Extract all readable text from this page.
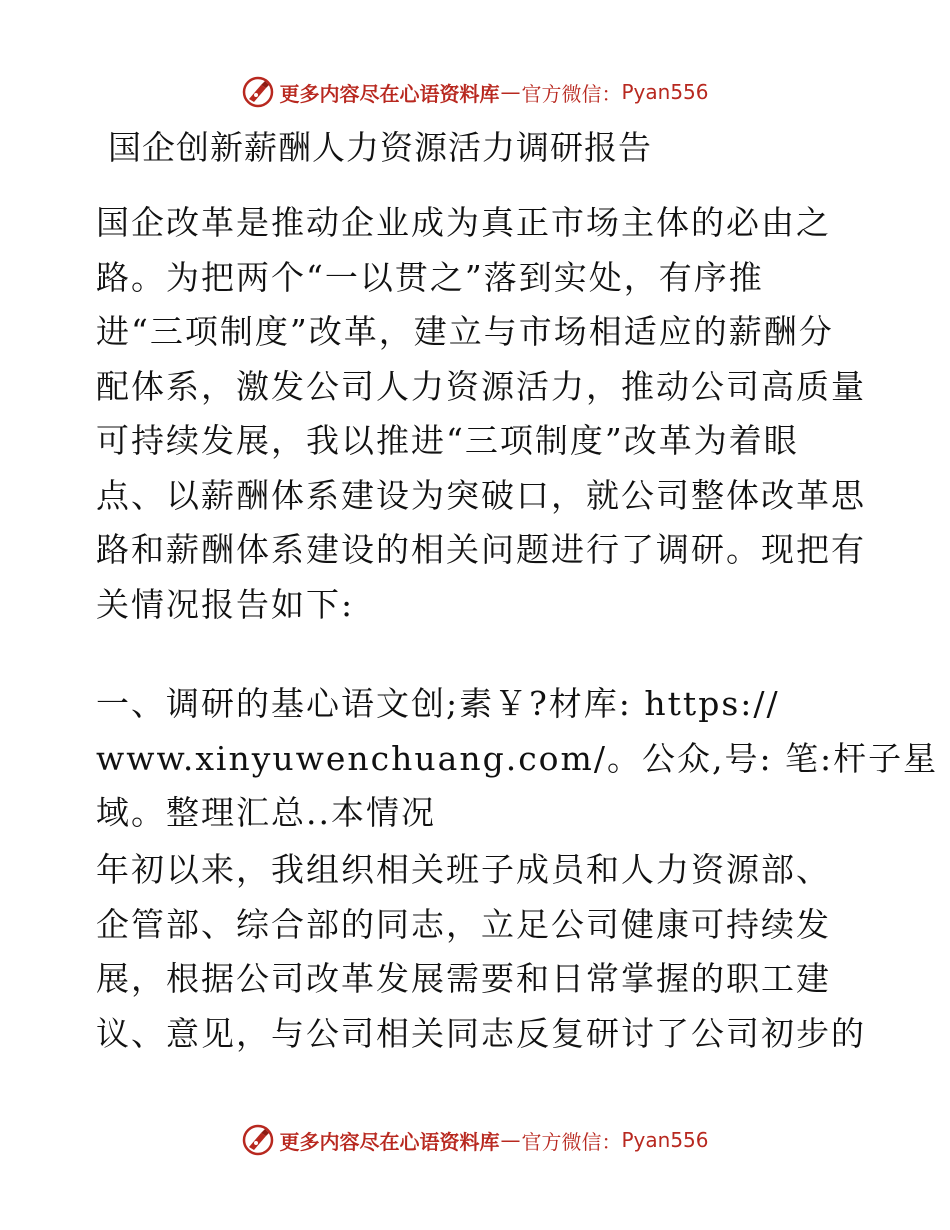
更多内容尽在心语资料库 — 官方微信： Pyan556
国企创新薪酬人力资源活力调研报告
国企改革是推动企业成为真正市场主体的必由之
路。为把两个“一以贯之”落到实处，有序推
进“三项制度”改革，建立与市场相适应的薪酬分
配体系，激发公司人力资源活力，推动公司高质量
可持续发展，我以推进“三项制度”改革为着眼
点、以薪酬体系建设为突破口，就公司整体改革思
路和薪酬体系建设的相关问题进行了调研。现把有
关情况报告如下:
一、调研的基心语文创;素￥?材库: https://
www.xinyuwenchuang.com/。公众,号: 笔:杆子星
域。整理汇总..本情况
年初以来，我组织相关班子成员和人力资源部、
企管部、综合部的同志，立足公司健康可持续发
展，根据公司改革发展需要和日常掌握的职工建
议、意见，与公司相关同志反复研讨了公司初步的
更多内容尽在心语资料库 — 官方微信： Pyan556
